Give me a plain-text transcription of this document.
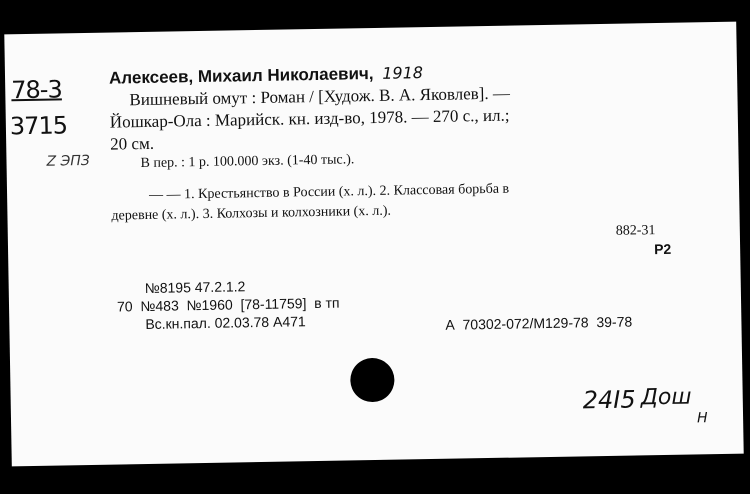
78-3
3715
Z ЭПЗ
Алексеев, Михаил Николаевич, 1918
Вишневый омут : Роман / [Худож. В. А. Яковлев]. —
Йошкар-Ола : Марийск. кн. изд-во, 1978. — 270 с., ил.;
20 см.
В пер. : 1 р. 100.000 экз. (1-40 тыс.).
— — 1. Крестьянство в России (х. л.). 2. Классовая борьба в
деревне (х. л.). 3. Колхозы и колхозники (х. л.).
882-31
Р2
№8195 47.2.1.2
70  №483  №1960  [78-11759]  в тп
Вс.кн.пал. 02.03.78 А471	А  70302-072/М129-78  39-78
24I5 Дош
Н
